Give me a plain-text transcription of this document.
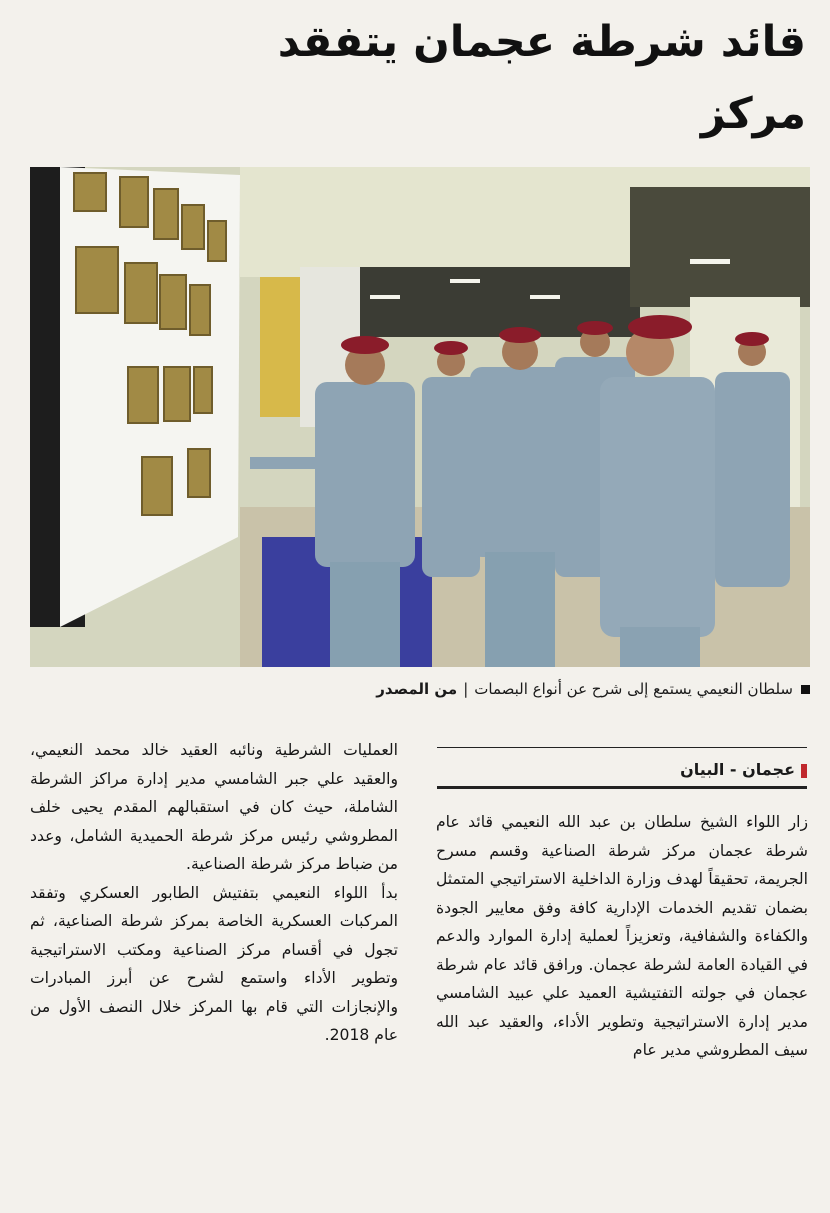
قائد شرطة عجمان يتفقد مركز
سلطان النعيمي يستمع إلى شرح عن أنواع البصمات|من المصدر
عجمان - البيان

زار اللواء الشيخ سلطان بن عبد الله النعيمي قائد عام شرطة عجمان مركز شرطة الصناعية وقسم مسرح الجريمة، تحقيقاً لهدف وزارة الداخلية الاستراتيجي المتمثل بضمان تقديم الخدمات الإدارية كافة وفق معايير الجودة والكفاءة والشفافية، وتعزيزاً لعملية إدارة الموارد والدعم في القيادة العامة لشرطة عجمان. ورافق قائد عام شرطة عجمان في جولته التفتيشية العميد علي عبيد الشامسي مدير إدارة الاستراتيجية وتطوير الأداء، والعقيد عبد الله سيف المطروشي مدير عام

العمليات الشرطية ونائبه العقيد خالد محمد النعيمي، والعقيد علي جبر الشامسي مدير إدارة مراكز الشرطة الشاملة، حيث كان في استقبالهم المقدم يحيى خلف المطروشي رئيس مركز شرطة الحميدية الشامل، وعدد من ضباط مركز شرطة الصناعية.

بدأ اللواء النعيمي بتفتيش الطابور العسكري وتفقد المركبات العسكرية الخاصة بمركز شرطة الصناعية، ثم تجول في أقسام مركز الصناعية ومكتب الاستراتيجية وتطوير الأداء واستمع لشرح عن أبرز المبادرات والإنجازات التي قام بها المركز خلال النصف الأول من عام 2018.
